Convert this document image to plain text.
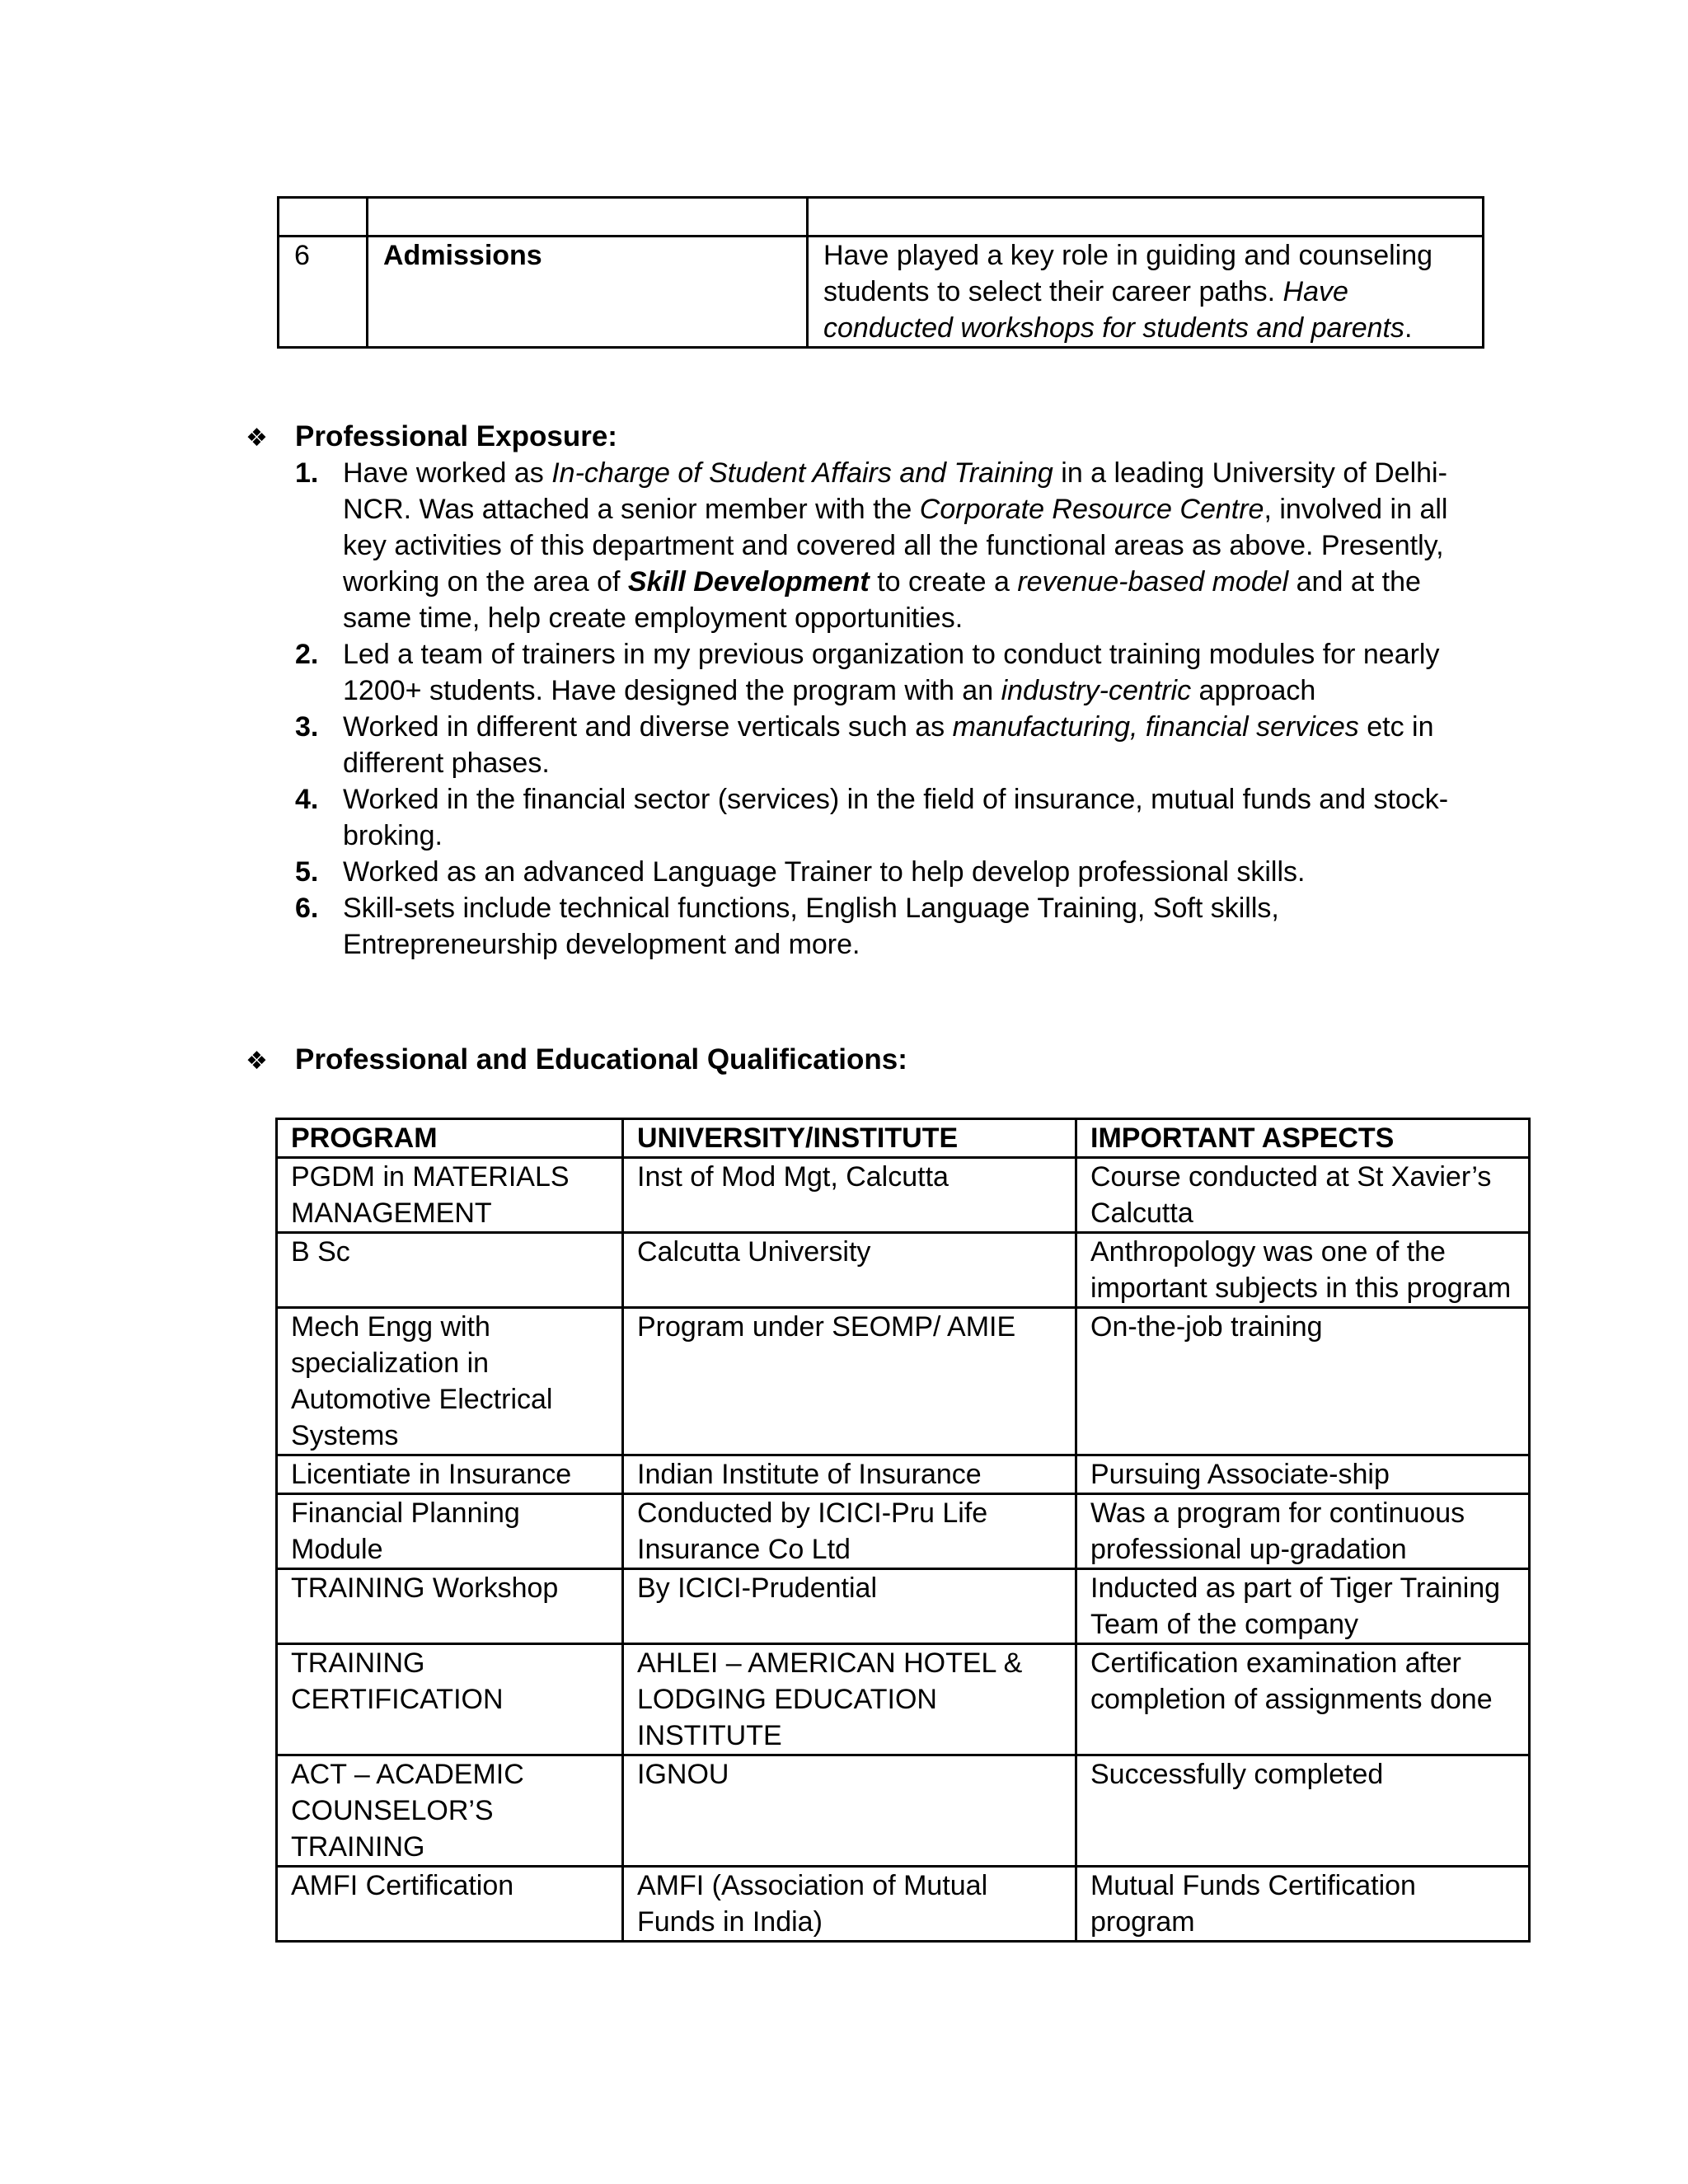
6	Admissions	Have played a key role in guiding and counseling students to select their career paths. Have conducted workshops for students and parents.
❖ Professional Exposure:
1. Have worked as In-charge of Student Affairs and Training in a leading University of Delhi-NCR. Was attached a senior member with the Corporate Resource Centre, involved in all key activities of this department and covered all the functional areas as above. Presently, working on the area of Skill Development to create a revenue-based model and at the same time, help create employment opportunities.
2. Led a team of trainers in my previous organization to conduct training modules for nearly 1200+ students. Have designed the program with an industry-centric approach
3. Worked in different and diverse verticals such as manufacturing, financial services etc in different phases.
4. Worked in the financial sector (services) in the field of insurance, mutual funds and stock-broking.
5. Worked as an advanced Language Trainer to help develop professional skills.
6. Skill-sets include technical functions, English Language Training, Soft skills, Entrepreneurship development and more.
❖ Professional and Educational Qualifications:
PROGRAM	UNIVERSITY/INSTITUTE	IMPORTANT ASPECTS
PGDM in MATERIALS MANAGEMENT	Inst of Mod Mgt, Calcutta	Course conducted at St Xavier’s Calcutta
B Sc	Calcutta University	Anthropology was one of the important subjects in this program
Mech Engg with specialization in Automotive Electrical Systems	Program under SEOMP/ AMIE	On-the-job training
Licentiate in Insurance	Indian Institute of Insurance	Pursuing Associate-ship
Financial Planning Module	Conducted by ICICI-Pru Life Insurance Co Ltd	Was a program for continuous professional up-gradation
TRAINING Workshop	By ICICI-Prudential	Inducted as part of Tiger Training Team of the company
TRAINING CERTIFICATION	AHLEI – AMERICAN HOTEL & LODGING EDUCATION INSTITUTE	Certification examination after completion of assignments done
ACT – ACADEMIC COUNSELOR’S TRAINING	IGNOU	Successfully completed
AMFI Certification	AMFI (Association of Mutual Funds in India)	Mutual Funds Certification program
